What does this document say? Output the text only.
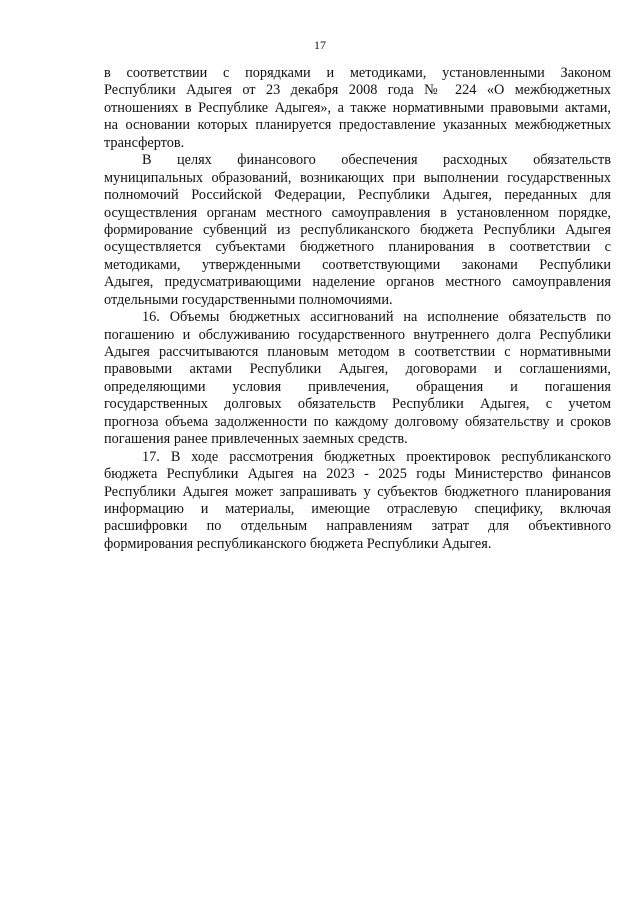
17
в соответствии с порядками и методиками, установленными Законом
Республики Адыгея от 23 декабря 2008 года № 224 «О межбюджетных
отношениях в Республике Адыгея», а также нормативными правовыми актами,
на основании которых планируется предоставление указанных межбюджетных
трансфертов.
В целях финансового обеспечения расходных обязательств
муниципальных образований, возникающих при выполнении государственных
полномочий Российской Федерации, Республики Адыгея, переданных для
осуществления органам местного самоуправления в установленном порядке,
формирование субвенций из республиканского бюджета Республики Адыгея
осуществляется субъектами бюджетного планирования в соответствии с
методиками, утвержденными соответствующими законами Республики
Адыгея, предусматривающими наделение органов местного самоуправления
отдельными государственными полномочиями.
16. Объемы бюджетных ассигнований на исполнение обязательств по
погашению и обслуживанию государственного внутреннего долга Республики
Адыгея рассчитываются плановым методом в соответствии с нормативными
правовыми актами Республики Адыгея, договорами и соглашениями,
определяющими условия привлечения, обращения и погашения
государственных долговых обязательств Республики Адыгея, с учетом
прогноза объема задолженности по каждому долговому обязательству и сроков
погашения ранее привлеченных заемных средств.
17. В ходе рассмотрения бюджетных проектировок республиканского
бюджета Республики Адыгея на 2023 - 2025 годы Министерство финансов
Республики Адыгея может запрашивать у субъектов бюджетного планирования
информацию и материалы, имеющие отраслевую специфику, включая
расшифровки по отдельным направлениям затрат для объективного
формирования республиканского бюджета Республики Адыгея.
